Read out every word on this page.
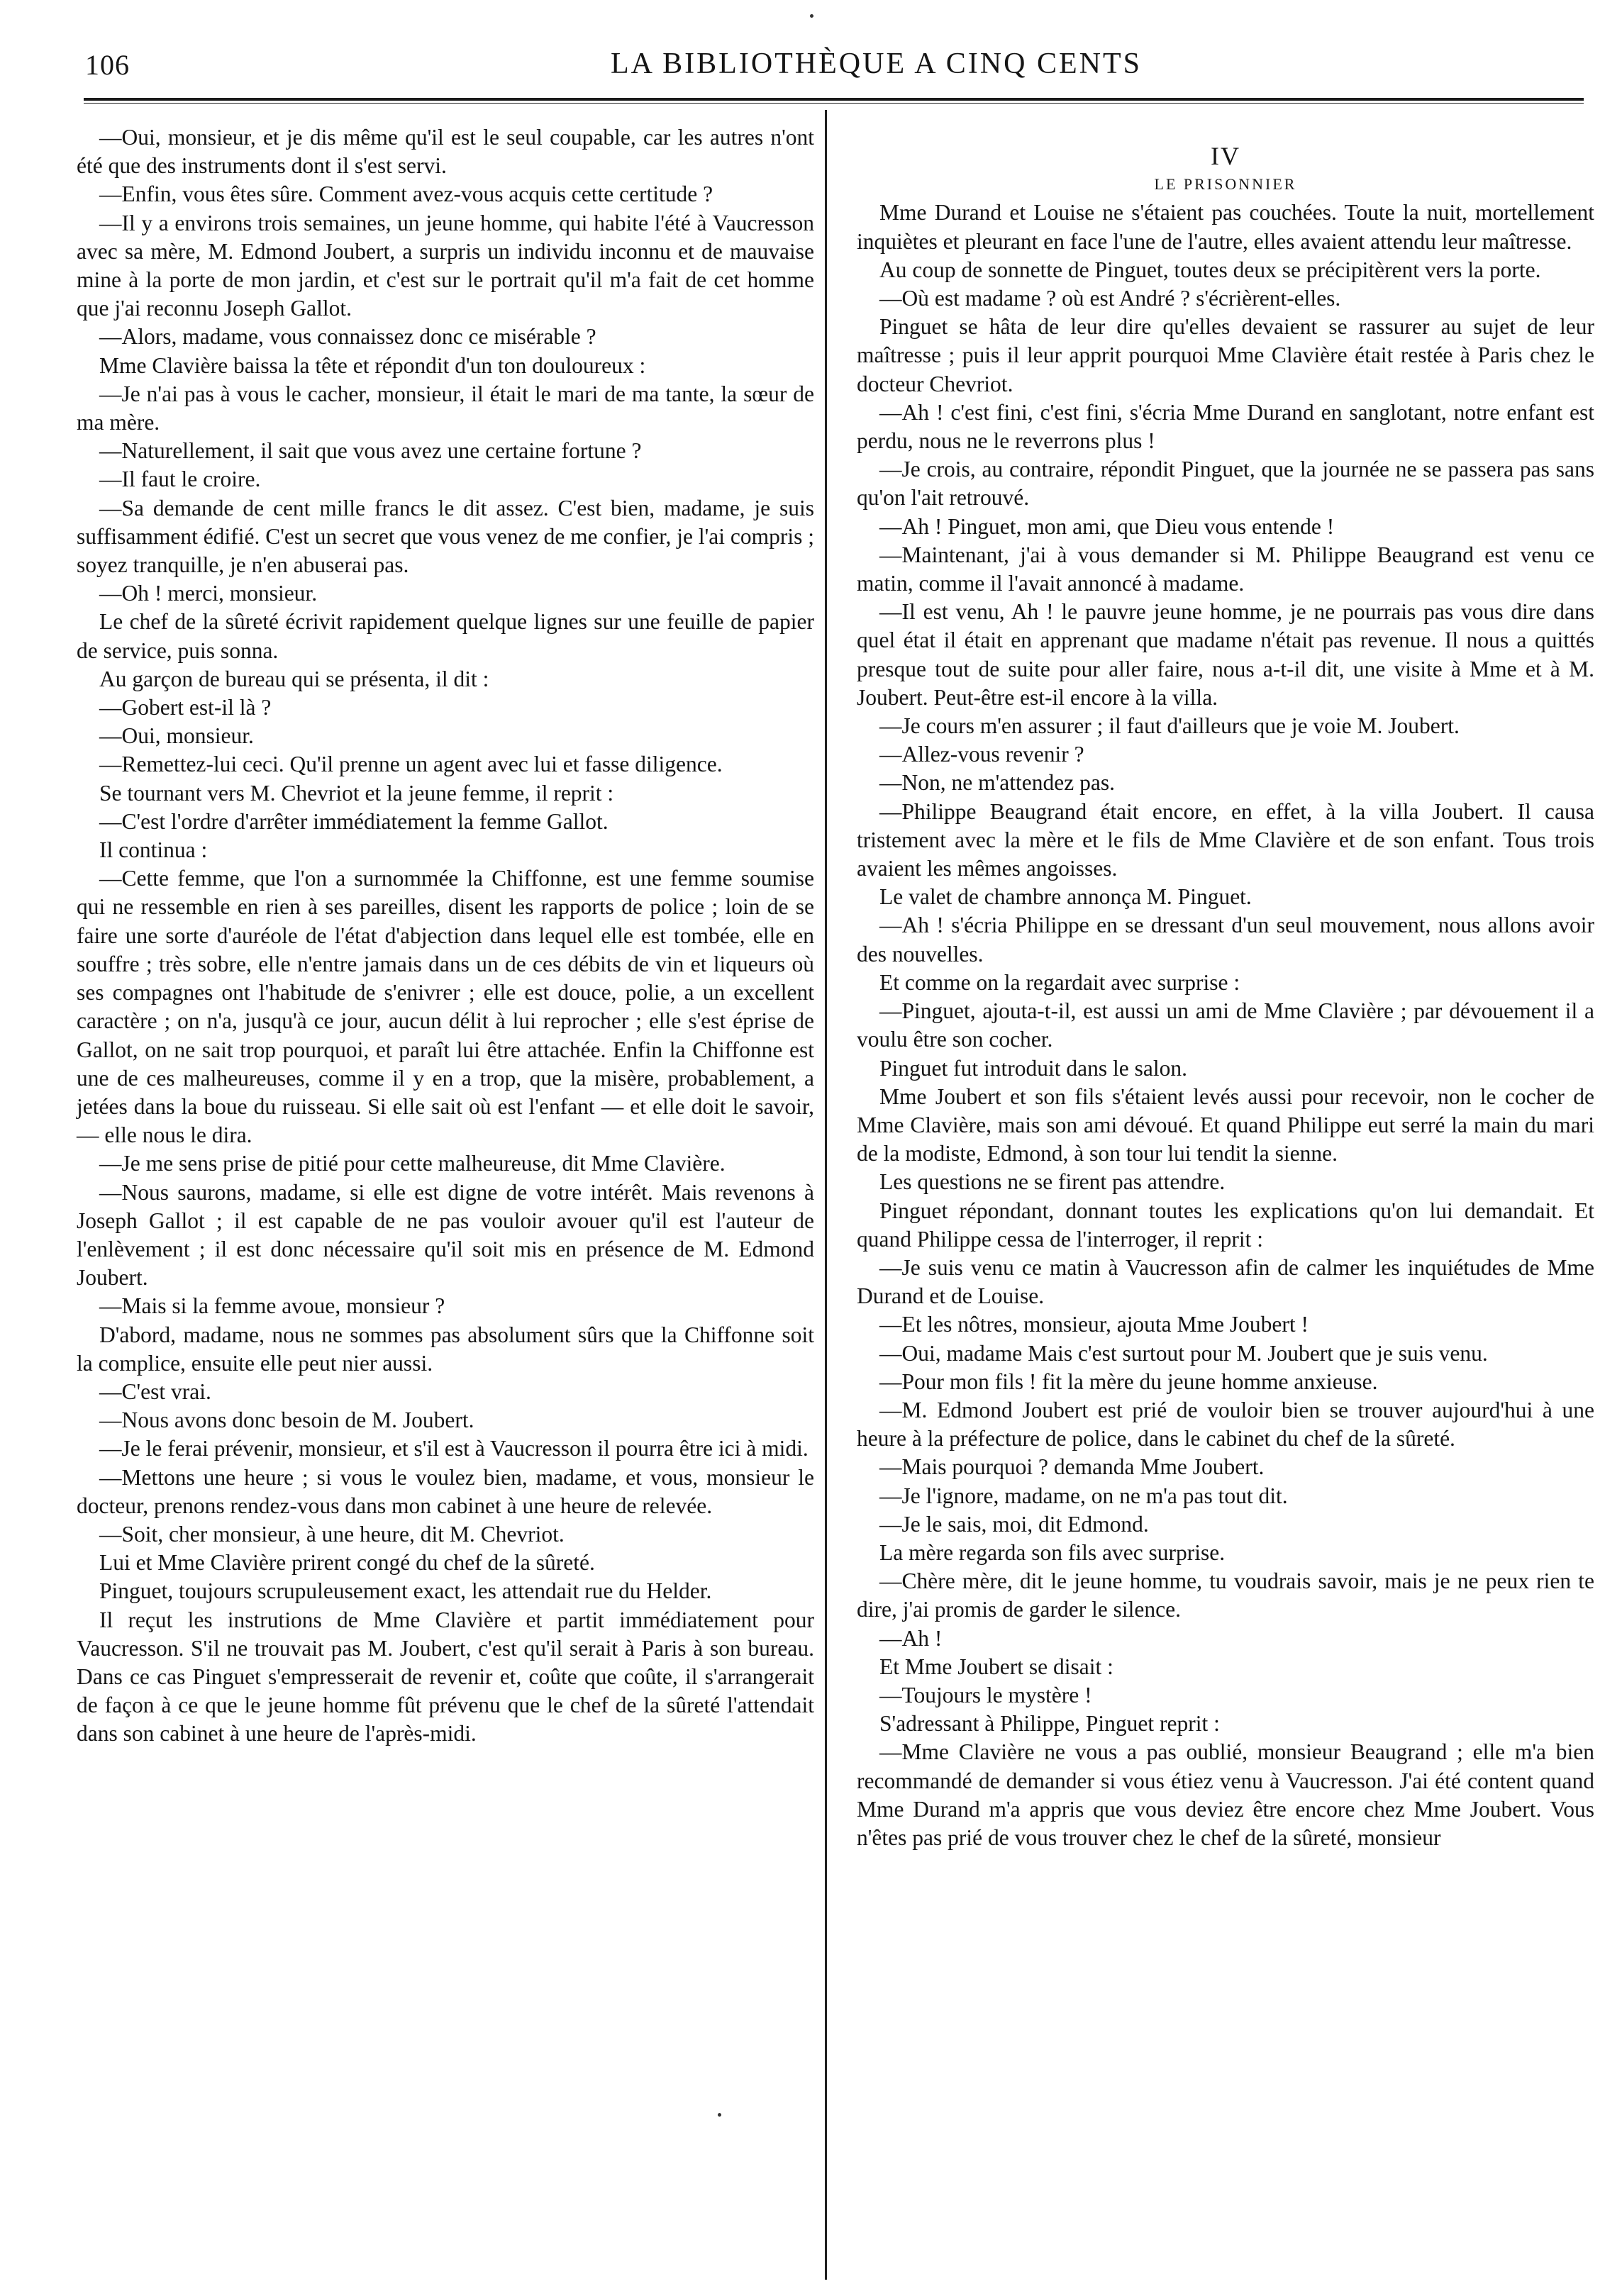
106	LA BIBLIOTHÈQUE A CINQ CENTS

—Oui, monsieur, et je dis même qu'il est le seul coupable, car les autres n'ont été que des instruments dont il s'est servi.

—Enfin, vous êtes sûre. Comment avez-vous acquis cette certitude ?

—Il y a environs trois semaines, un jeune homme, qui habite l'été à Vaucresson avec sa mère, M. Edmond Joubert, a surpris un individu inconnu et de mauvaise mine à la porte de mon jardin, et c'est sur le portrait qu'il m'a fait de cet homme que j'ai reconnu Joseph Gallot.

—Alors, madame, vous connaissez donc ce misérable ?

Mme Clavière baissa la tête et répondit d'un ton douloureux :

—Je n'ai pas à vous le cacher, monsieur, il était le mari de ma tante, la sœur de ma mère.

—Naturellement, il sait que vous avez une certaine fortune ?

—Il faut le croire.

—Sa demande de cent mille francs le dit assez. C'est bien, madame, je suis suffisamment édifié. C'est un secret que vous venez de me confier, je l'ai compris ; soyez tranquille, je n'en abuserai pas.

—Oh ! merci, monsieur.

Le chef de la sûreté écrivit rapidement quelque lignes sur une feuille de papier de service, puis sonna.

Au garçon de bureau qui se présenta, il dit :

—Gobert est-il là ?

—Oui, monsieur.

—Remettez-lui ceci. Qu'il prenne un agent avec lui et fasse diligence.

Se tournant vers M. Chevriot et la jeune femme, il reprit :

—C'est l'ordre d'arrêter immédiatement la femme Gallot.

Il continua :

—Cette femme, que l'on a surnommée la Chiffonne, est une femme soumise qui ne ressemble en rien à ses pareilles, disent les rapports de police ; loin de se faire une sorte d'auréole de l'état d'abjection dans lequel elle est tombée, elle en souffre ; très sobre, elle n'entre jamais dans un de ces débits de vin et liqueurs où ses compagnes ont l'habitude de s'enivrer ; elle est douce, polie, a un excellent caractère ; on n'a, jusqu'à ce jour, aucun délit à lui reprocher ; elle s'est éprise de Gallot, on ne sait trop pourquoi, et paraît lui être attachée. Enfin la Chiffonne est une de ces malheureuses, comme il y en a trop, que la misère, probablement, a jetées dans la boue du ruisseau. Si elle sait où est l'enfant — et elle doit le savoir, — elle nous le dira.

—Je me sens prise de pitié pour cette malheureuse, dit Mme Clavière.

—Nous saurons, madame, si elle est digne de votre intérêt. Mais revenons à Joseph Gallot ; il est capable de ne pas vouloir avouer qu'il est l'auteur de l'enlèvement ; il est donc nécessaire qu'il soit mis en présence de M. Edmond Joubert.

—Mais si la femme avoue, monsieur ?

D'abord, madame, nous ne sommes pas absolument sûrs que la Chiffonne soit la complice, ensuite elle peut nier aussi.

—C'est vrai.

—Nous avons donc besoin de M. Joubert.

—Je le ferai prévenir, monsieur, et s'il est à Vaucresson il pourra être ici à midi.

—Mettons une heure ; si vous le voulez bien, madame, et vous, monsieur le docteur, prenons rendez-vous dans mon cabinet à une heure de relevée.

—Soit, cher monsieur, à une heure, dit M. Chevriot.

Lui et Mme Clavière prirent congé du chef de la sûreté.

Pinguet, toujours scrupuleusement exact, les attendait rue du Helder.

Il reçut les instrutions de Mme Clavière et partit immédiatement pour Vaucresson. S'il ne trouvait pas M. Joubert, c'est qu'il serait à Paris à son bureau. Dans ce cas Pinguet s'empresserait de revenir et, coûte que coûte, il s'arrangerait de façon à ce que le jeune homme fût prévenu que le chef de la sûreté l'attendait dans son cabinet à une heure de l'après-midi.

IV

LE PRISONNIER

Mme Durand et Louise ne s'étaient pas couchées. Toute la nuit, mortellement inquiètes et pleurant en face l'une de l'autre, elles avaient attendu leur maîtresse.

Au coup de sonnette de Pinguet, toutes deux se précipitèrent vers la porte.

—Où est madame ? où est André ? s'écrièrent-elles.

Pinguet se hâta de leur dire qu'elles devaient se rassurer au sujet de leur maîtresse ; puis il leur apprit pourquoi Mme Clavière était restée à Paris chez le docteur Chevriot.

—Ah ! c'est fini, c'est fini, s'écria Mme Durand en sanglotant, notre enfant est perdu, nous ne le reverrons plus !

—Je crois, au contraire, répondit Pinguet, que la journée ne se passera pas sans qu'on l'ait retrouvé.

—Ah ! Pinguet, mon ami, que Dieu vous entende !

—Maintenant, j'ai à vous demander si M. Philippe Beaugrand est venu ce matin, comme il l'avait annoncé à madame.

—Il est venu, Ah ! le pauvre jeune homme, je ne pourrais pas vous dire dans quel état il était en apprenant que madame n'était pas revenue. Il nous a quittés presque tout de suite pour aller faire, nous a-t-il dit, une visite à Mme et à M. Joubert. Peut-être est-il encore à la villa.

—Je cours m'en assurer ; il faut d'ailleurs que je voie M. Joubert.

—Allez-vous revenir ?

—Non, ne m'attendez pas.

—Philippe Beaugrand était encore, en effet, à la villa Joubert. Il causa tristement avec la mère et le fils de Mme Clavière et de son enfant. Tous trois avaient les mêmes angoisses.

Le valet de chambre annonça M. Pinguet.

—Ah ! s'écria Philippe en se dressant d'un seul mouvement, nous allons avoir des nouvelles.

Et comme on la regardait avec surprise :

—Pinguet, ajouta-t-il, est aussi un ami de Mme Clavière ; par dévouement il a voulu être son cocher.

Pinguet fut introduit dans le salon.

Mme Joubert et son fils s'étaient levés aussi pour recevoir, non le cocher de Mme Clavière, mais son ami dévoué. Et quand Philippe eut serré la main du mari de la modiste, Edmond, à son tour lui tendit la sienne.

Les questions ne se firent pas attendre.

Pinguet répondant, donnant toutes les explications qu'on lui demandait. Et quand Philippe cessa de l'interroger, il reprit :

—Je suis venu ce matin à Vaucresson afin de calmer les inquiétudes de Mme Durand et de Louise.

—Et les nôtres, monsieur, ajouta Mme Joubert !

—Oui, madame Mais c'est surtout pour M. Joubert que je suis venu.

—Pour mon fils ! fit la mère du jeune homme anxieuse.

—M. Edmond Joubert est prié de vouloir bien se trouver aujourd'hui à une heure à la préfecture de police, dans le cabinet du chef de la sûreté.

—Mais pourquoi ? demanda Mme Joubert.

—Je l'ignore, madame, on ne m'a pas tout dit.

—Je le sais, moi, dit Edmond.

La mère regarda son fils avec surprise.

—Chère mère, dit le jeune homme, tu voudrais savoir, mais je ne peux rien te dire, j'ai promis de garder le silence.

—Ah !

Et Mme Joubert se disait :

—Toujours le mystère !

S'adressant à Philippe, Pinguet reprit :

—Mme Clavière ne vous a pas oublié, monsieur Beaugrand ; elle m'a bien recommandé de demander si vous étiez venu à Vaucresson. J'ai été content quand Mme Durand m'a appris que vous deviez être encore chez Mme Joubert. Vous n'êtes pas prié de vous trouver chez le chef de la sûreté, monsieur
